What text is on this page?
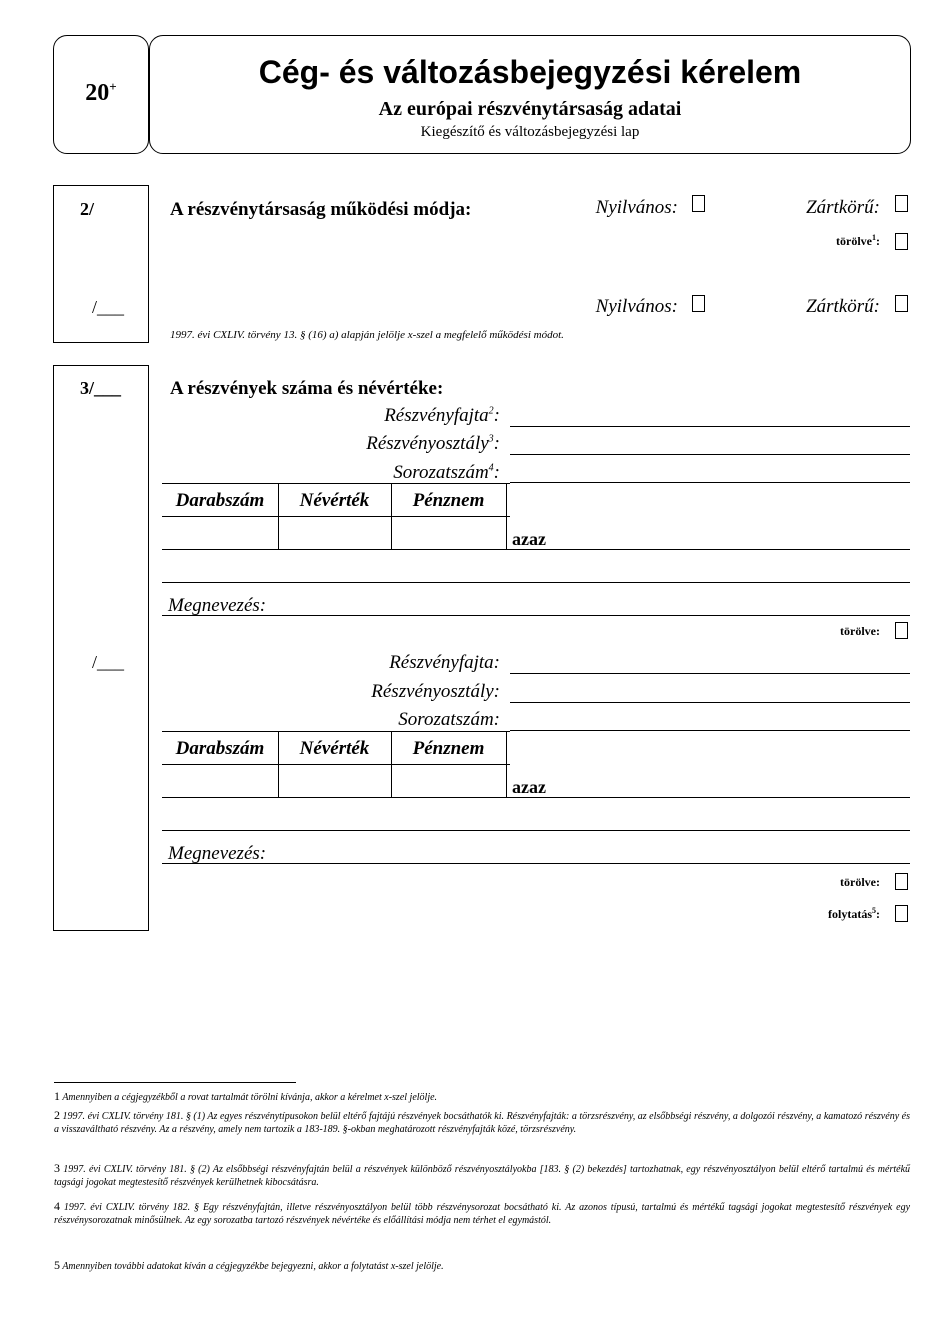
20+	Cég- és változásbejegyzési kérelem
Az európai részvénytársaság adatai
Kiegészítő és változásbejegyzési lap
2/
/___
A részvénytársaság működési módja:	Nyilvános:	Zártkörű:
törölve$^1$:
Nyilvános:	Zártkörű:
1997. évi CXLIV. törvény 13. § (16) a) alapján jelölje x-szel a megfelelő működési módot.
3/___
/___
A részvények száma és névértéke:
Részvényfajta$^2$:
Részvényosztály$^3$:
Sorozatszám$^4$:
Darabszám	Névérték	Pénznem
azaz
Megnevezés:
törölve:
Részvényfajta:
Részvényosztály:
Sorozatszám:
Darabszám	Névérték	Pénznem
azaz
Megnevezés:
törölve:
folytatás$^5$:
1 Amennyiben a cégjegyzékből a rovat tartalmát törölni kívánja, akkor a kérelmet x-szel jelölje.
2 1997. évi CXLIV. törvény 181. § (1) Az egyes részvénytípusokon belül eltérő fajtájú részvények bocsáthatók ki. Részvényfajták: a törzsrészvény, az elsőbbségi részvény, a dolgozói részvény, a kamatozó részvény és a visszaváltható részvény. Az a részvény, amely nem tartozik a 183-189. §-okban meghatározott részvényfajták közé, törzsrészvény.
3 1997. évi CXLIV. törvény 181. § (2) Az elsőbbségi részvényfajtán belül a részvények különböző részvényosztályokba [183. § (2) bekezdés] tartozhatnak, egy részvényosztályon belül eltérő tartalmú és mértékű tagsági jogokat megtestesítő részvények kerülhetnek kibocsátásra.
4 1997. évi CXLIV. törvény 182. § Egy részvényfajtán, illetve részvényosztályon belül több részvénysorozat bocsátható ki. Az azonos típusú, tartalmú és mértékű tagsági jogokat megtestesítő részvények egy részvénysorozatnak minősülnek. Az egy sorozatba tartozó részvények névértéke és előállítási módja nem térhet el egymástól.
5 Amennyiben további adatokat kíván a cégjegyzékbe bejegyezni, akkor a folytatást x-szel jelölje.
